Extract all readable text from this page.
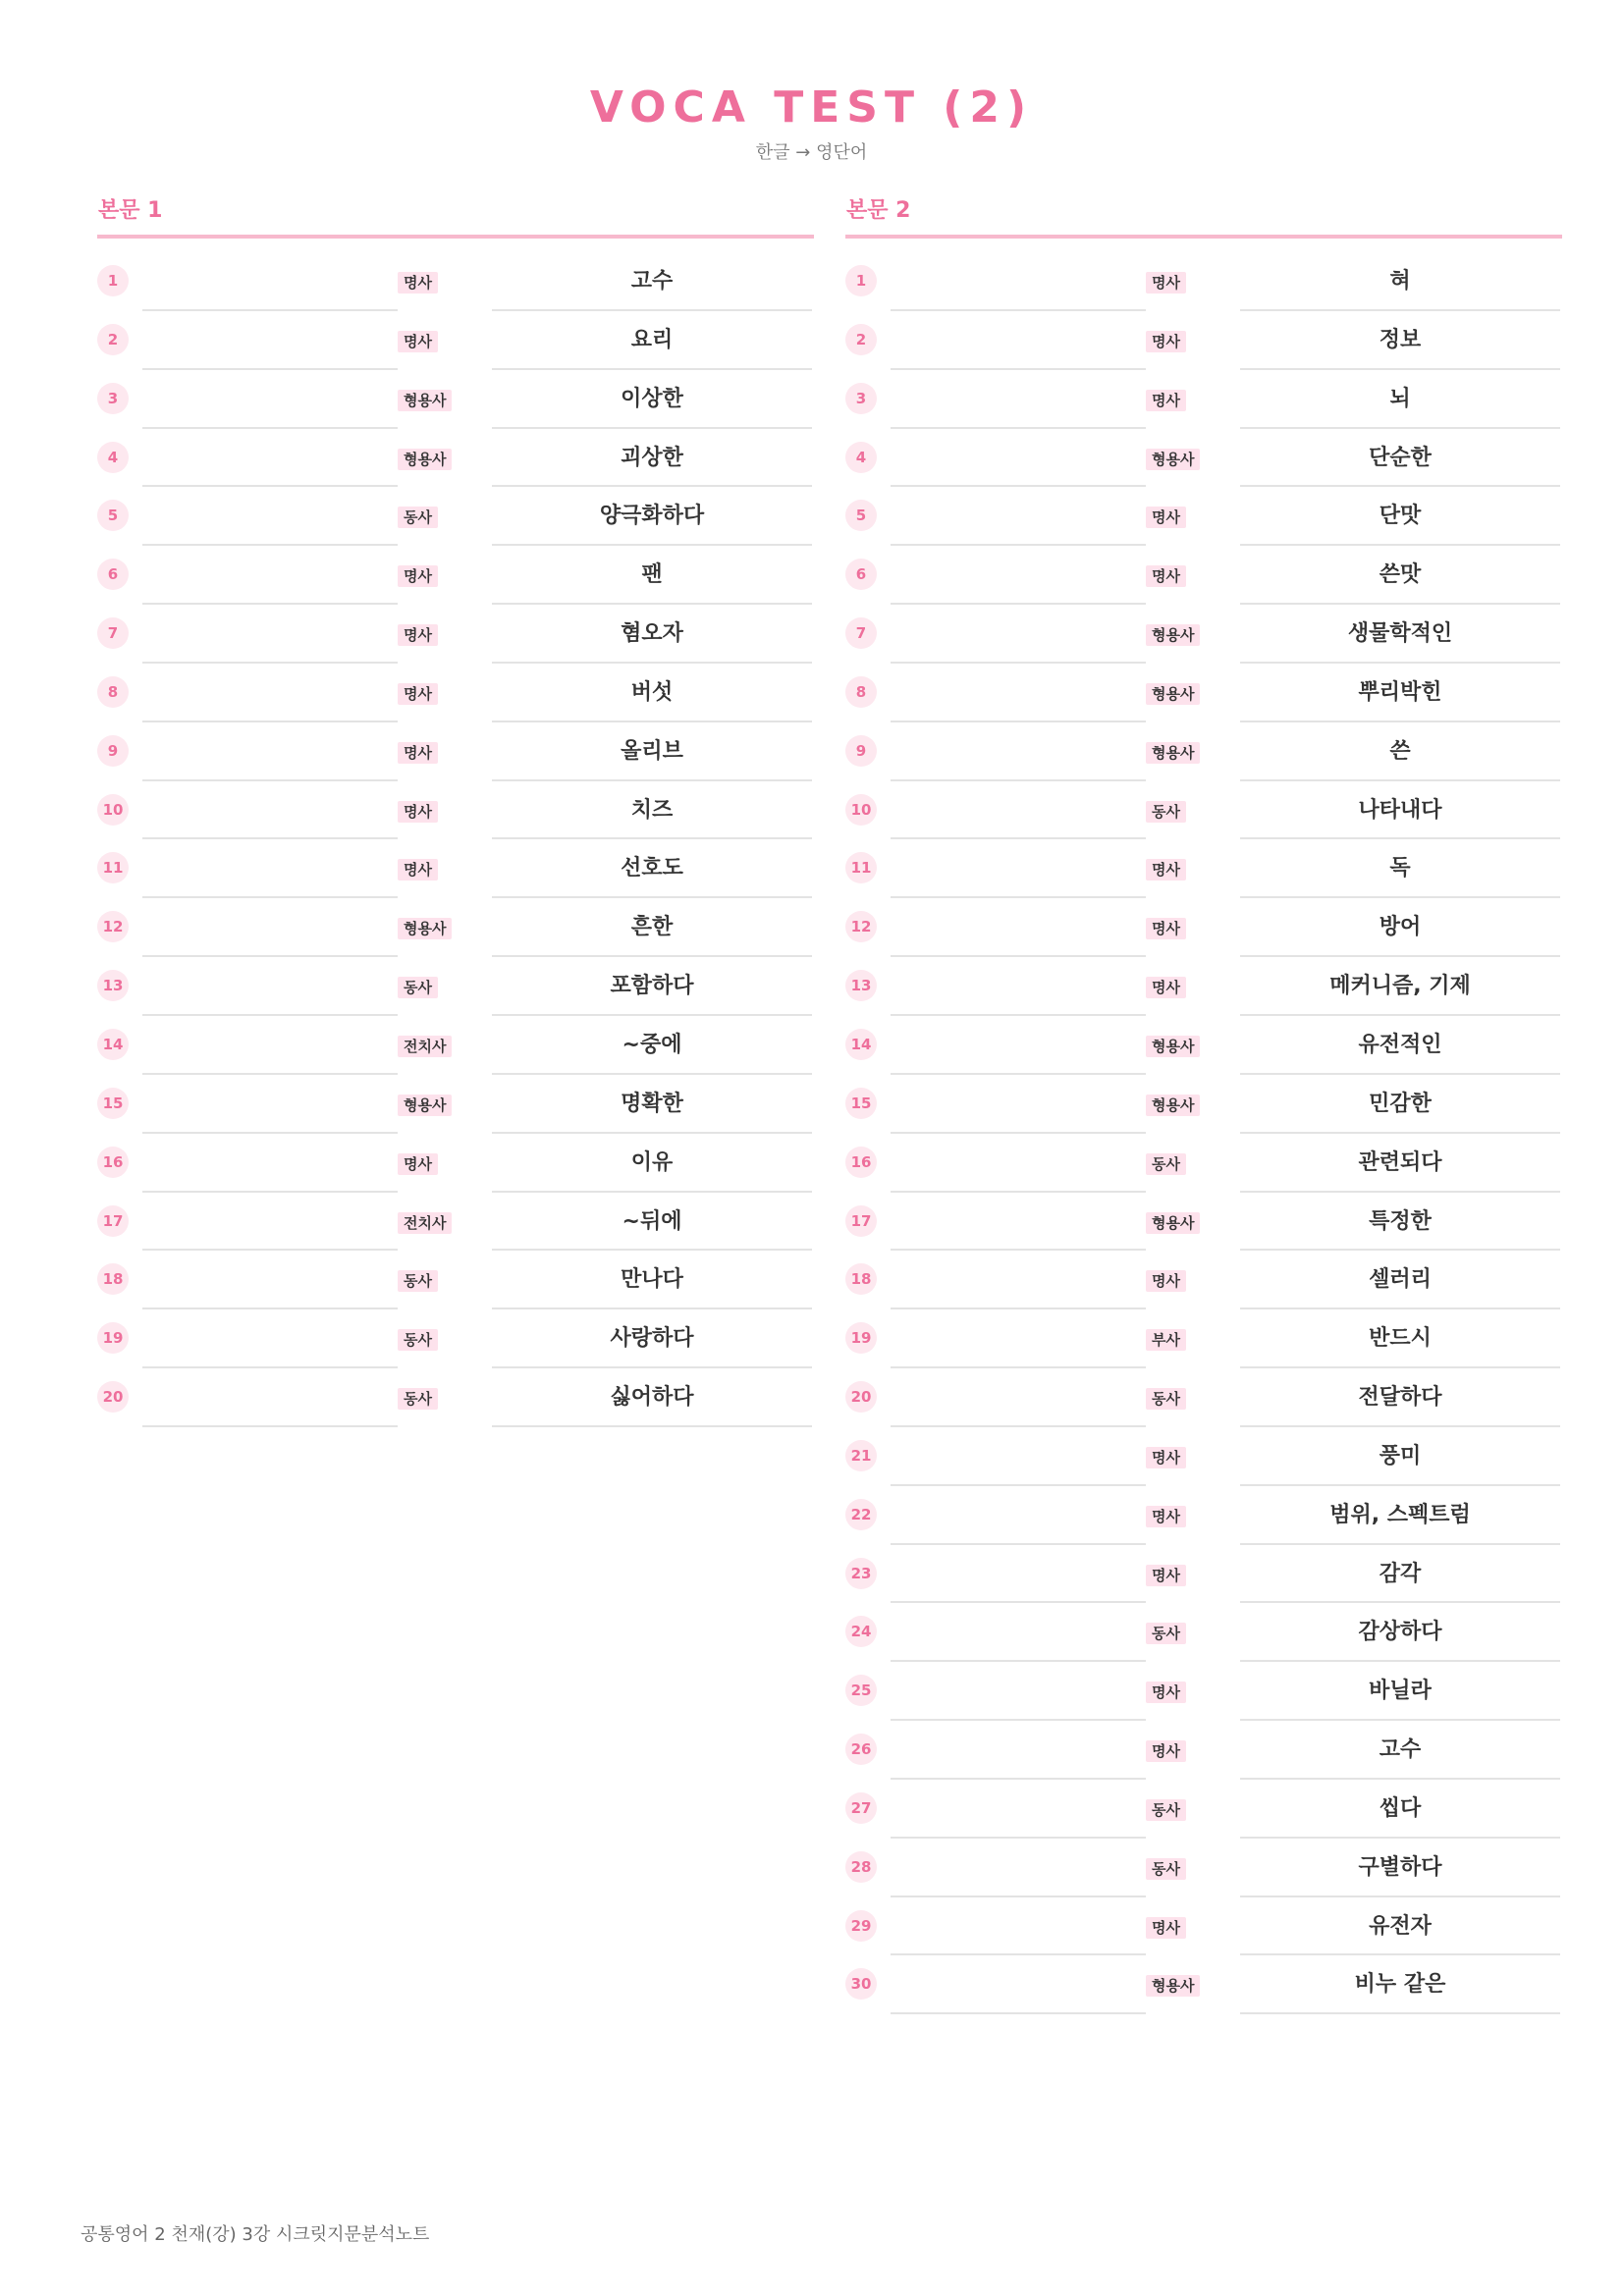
VOCA TEST (2)
한글 → 영단어
본문 1
1	명사	고수
2	명사	요리
3	형용사	이상한
4	형용사	괴상한
5	동사	양극화하다
6	명사	팬
7	명사	혐오자
8	명사	버섯
9	명사	올리브
10	명사	치즈
11	명사	선호도
12	형용사	흔한
13	동사	포함하다
14	전치사	~중에
15	형용사	명확한
16	명사	이유
17	전치사	~뒤에
18	동사	만나다
19	동사	사랑하다
20	동사	싫어하다
본문 2
1	명사	혀
2	명사	정보
3	명사	뇌
4	형용사	단순한
5	명사	단맛
6	명사	쓴맛
7	형용사	생물학적인
8	형용사	뿌리박힌
9	형용사	쓴
10	동사	나타내다
11	명사	독
12	명사	방어
13	명사	메커니즘, 기제
14	형용사	유전적인
15	형용사	민감한
16	동사	관련되다
17	형용사	특정한
18	명사	셀러리
19	부사	반드시
20	동사	전달하다
21	명사	풍미
22	명사	범위, 스펙트럼
23	명사	감각
24	동사	감상하다
25	명사	바닐라
26	명사	고수
27	동사	씹다
28	동사	구별하다
29	명사	유전자
30	형용사	비누 같은
공통영어 2 천재(강) 3강 시크릿지문분석노트
